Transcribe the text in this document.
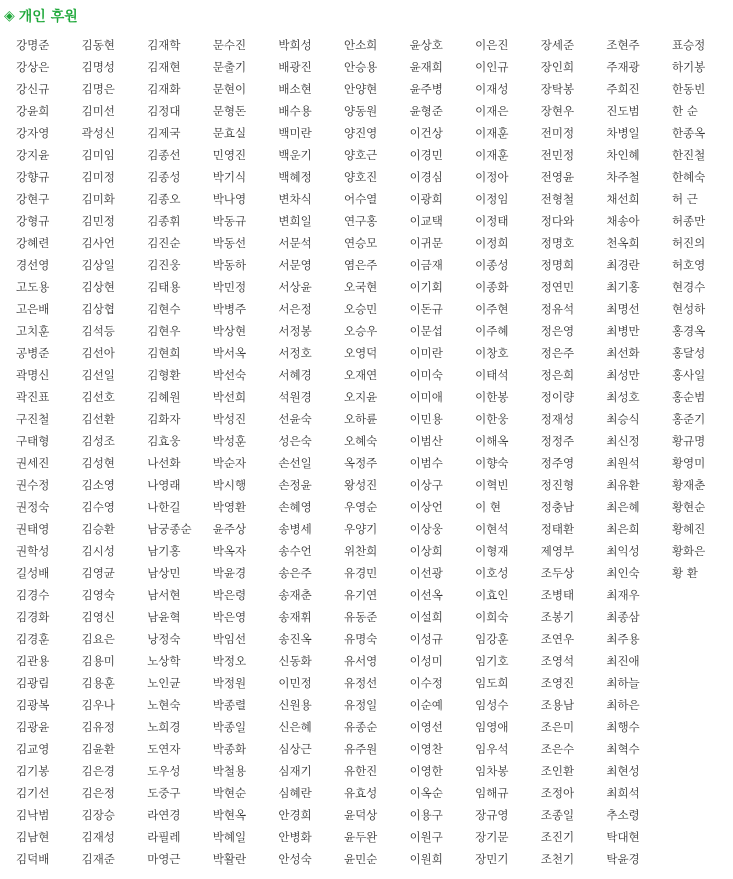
◈ 개인 후원
강명준	김동현	김재학	문수진	박희성	안소희	윤상호	이은진	장세준	조현주	표승정
강상은	김명성	김재현	문출기	배광진	안승용	윤재희	이인규	장인희	주재광	하기봉
강신규	김명은	김재화	문현이	배소현	안양현	윤주병	이재성	장탁봉	주희진	한동빈
강윤희	김미선	김정대	문형돈	배수용	양동원	윤형준	이재은	장현우	진도범	한 순
강자영	곽성신	김제국	문효실	백미란	양진영	이건상	이재훈	전미정	차병일	한종옥
강지윤	김미임	김종선	민영진	백운기	양호근	이경민	이재훈	전민정	차인혜	한진철
강향규	김미정	김종성	박기식	백혜정	양호진	이경심	이정아	전영윤	차주철	한혜숙
강현구	김미화	김종오	박나영	변차식	어수열	이광희	이정임	전형철	채선희	허 근
강형규	김민정	김종휘	박동규	변희일	연구홍	이교택	이정태	정다와	채송아	허종만
강혜련	김사언	김진순	박동선	서문석	연승모	이귀문	이정희	정명호	천옥희	허진의
경선영	김상일	김진웅	박동하	서문영	염은주	이금재	이종성	정명희	최경란	허호영
고도용	김상현	김태용	박민정	서상윤	오국현	이기회	이종화	정연민	최기홍	현경수
고은배	김상협	김현수	박병주	서은정	오승민	이돈규	이주현	정유석	최명선	현성하
고치훈	김석등	김현우	박상현	서정봉	오승우	이문섭	이주혜	정은영	최병만	홍경옥
공병준	김선아	김현희	박서옥	서정호	오영덕	이미란	이창호	정은주	최선화	홍달성
곽명신	김선일	김형환	박선숙	서혜경	오재연	이미숙	이태석	정은희	최성만	홍사일
곽진표	김선호	김혜원	박선희	석원경	오지윤	이미애	이한봉	정이량	최성호	홍순범
구진철	김선환	김화자	박성진	선윤숙	오하륜	이민용	이한웅	정재성	최승식	홍준기
구태형	김성조	김효웅	박성훈	성은숙	오혜숙	이범산	이해옥	정정주	최신정	황규명
권세진	김성현	나선화	박순자	손선일	옥정주	이범수	이향숙	정주영	최원석	황영미
권수정	김소영	나영래	박시행	손정윤	왕성진	이상구	이혁빈	정진형	최유환	황재춘
권정숙	김수영	나한길	박영환	손혜영	우영순	이상언	이 현	정충남	최은혜	황현순
권태영	김승환	남궁종순	윤주상	송병세	우양기	이상웅	이현석	정태환	최은희	황혜진
권학성	김시성	남기홍	박옥자	송수언	위찬희	이상희	이형재	제영부	최익성	황화은
길성배	김영균	남상민	박윤경	송은주	유경민	이선광	이호성	조두상	최인숙	황 환
김경수	김영숙	남서현	박은령	송재춘	유기연	이선옥	이효인	조병태	최재우
김경화	김영신	남윤혁	박은영	송재휘	유동준	이설희	이희숙	조봉기	최종삼
김경훈	김요은	낭정숙	박임선	송진옥	유명숙	이성규	임강훈	조연우	최주용
김관용	김용미	노상학	박정오	신동화	유서영	이성미	임기호	조영석	최진애
김광림	김용훈	노인균	박정원	이민정	유정선	이수정	임도희	조영진	최하늘
김광복	김우나	노현숙	박종렬	신원용	유정일	이순예	임성수	조용남	최하은
김광윤	김유정	노희경	박종일	신은혜	유종순	이영선	임영애	조은미	최행수
김교영	김윤환	도연자	박종화	심상근	유주원	이영찬	임우석	조은수	최혁수
김기봉	김은경	도우성	박철용	심재기	유한진	이영한	임차봉	조인환	최현성
김기선	김은정	도중구	박현순	심혜란	유효성	이옥순	임해규	조정아	최희석
김낙범	김장승	라연경	박현옥	안경희	윤덕상	이용구	장규영	조종일	추소령
김남현	김재성	라필레	박혜일	안병화	윤두완	이원구	장기문	조진기	탁대현
김덕배	김재준	마영근	박활란	안성숙	윤민순	이원희	장민기	조천기	탁윤경
